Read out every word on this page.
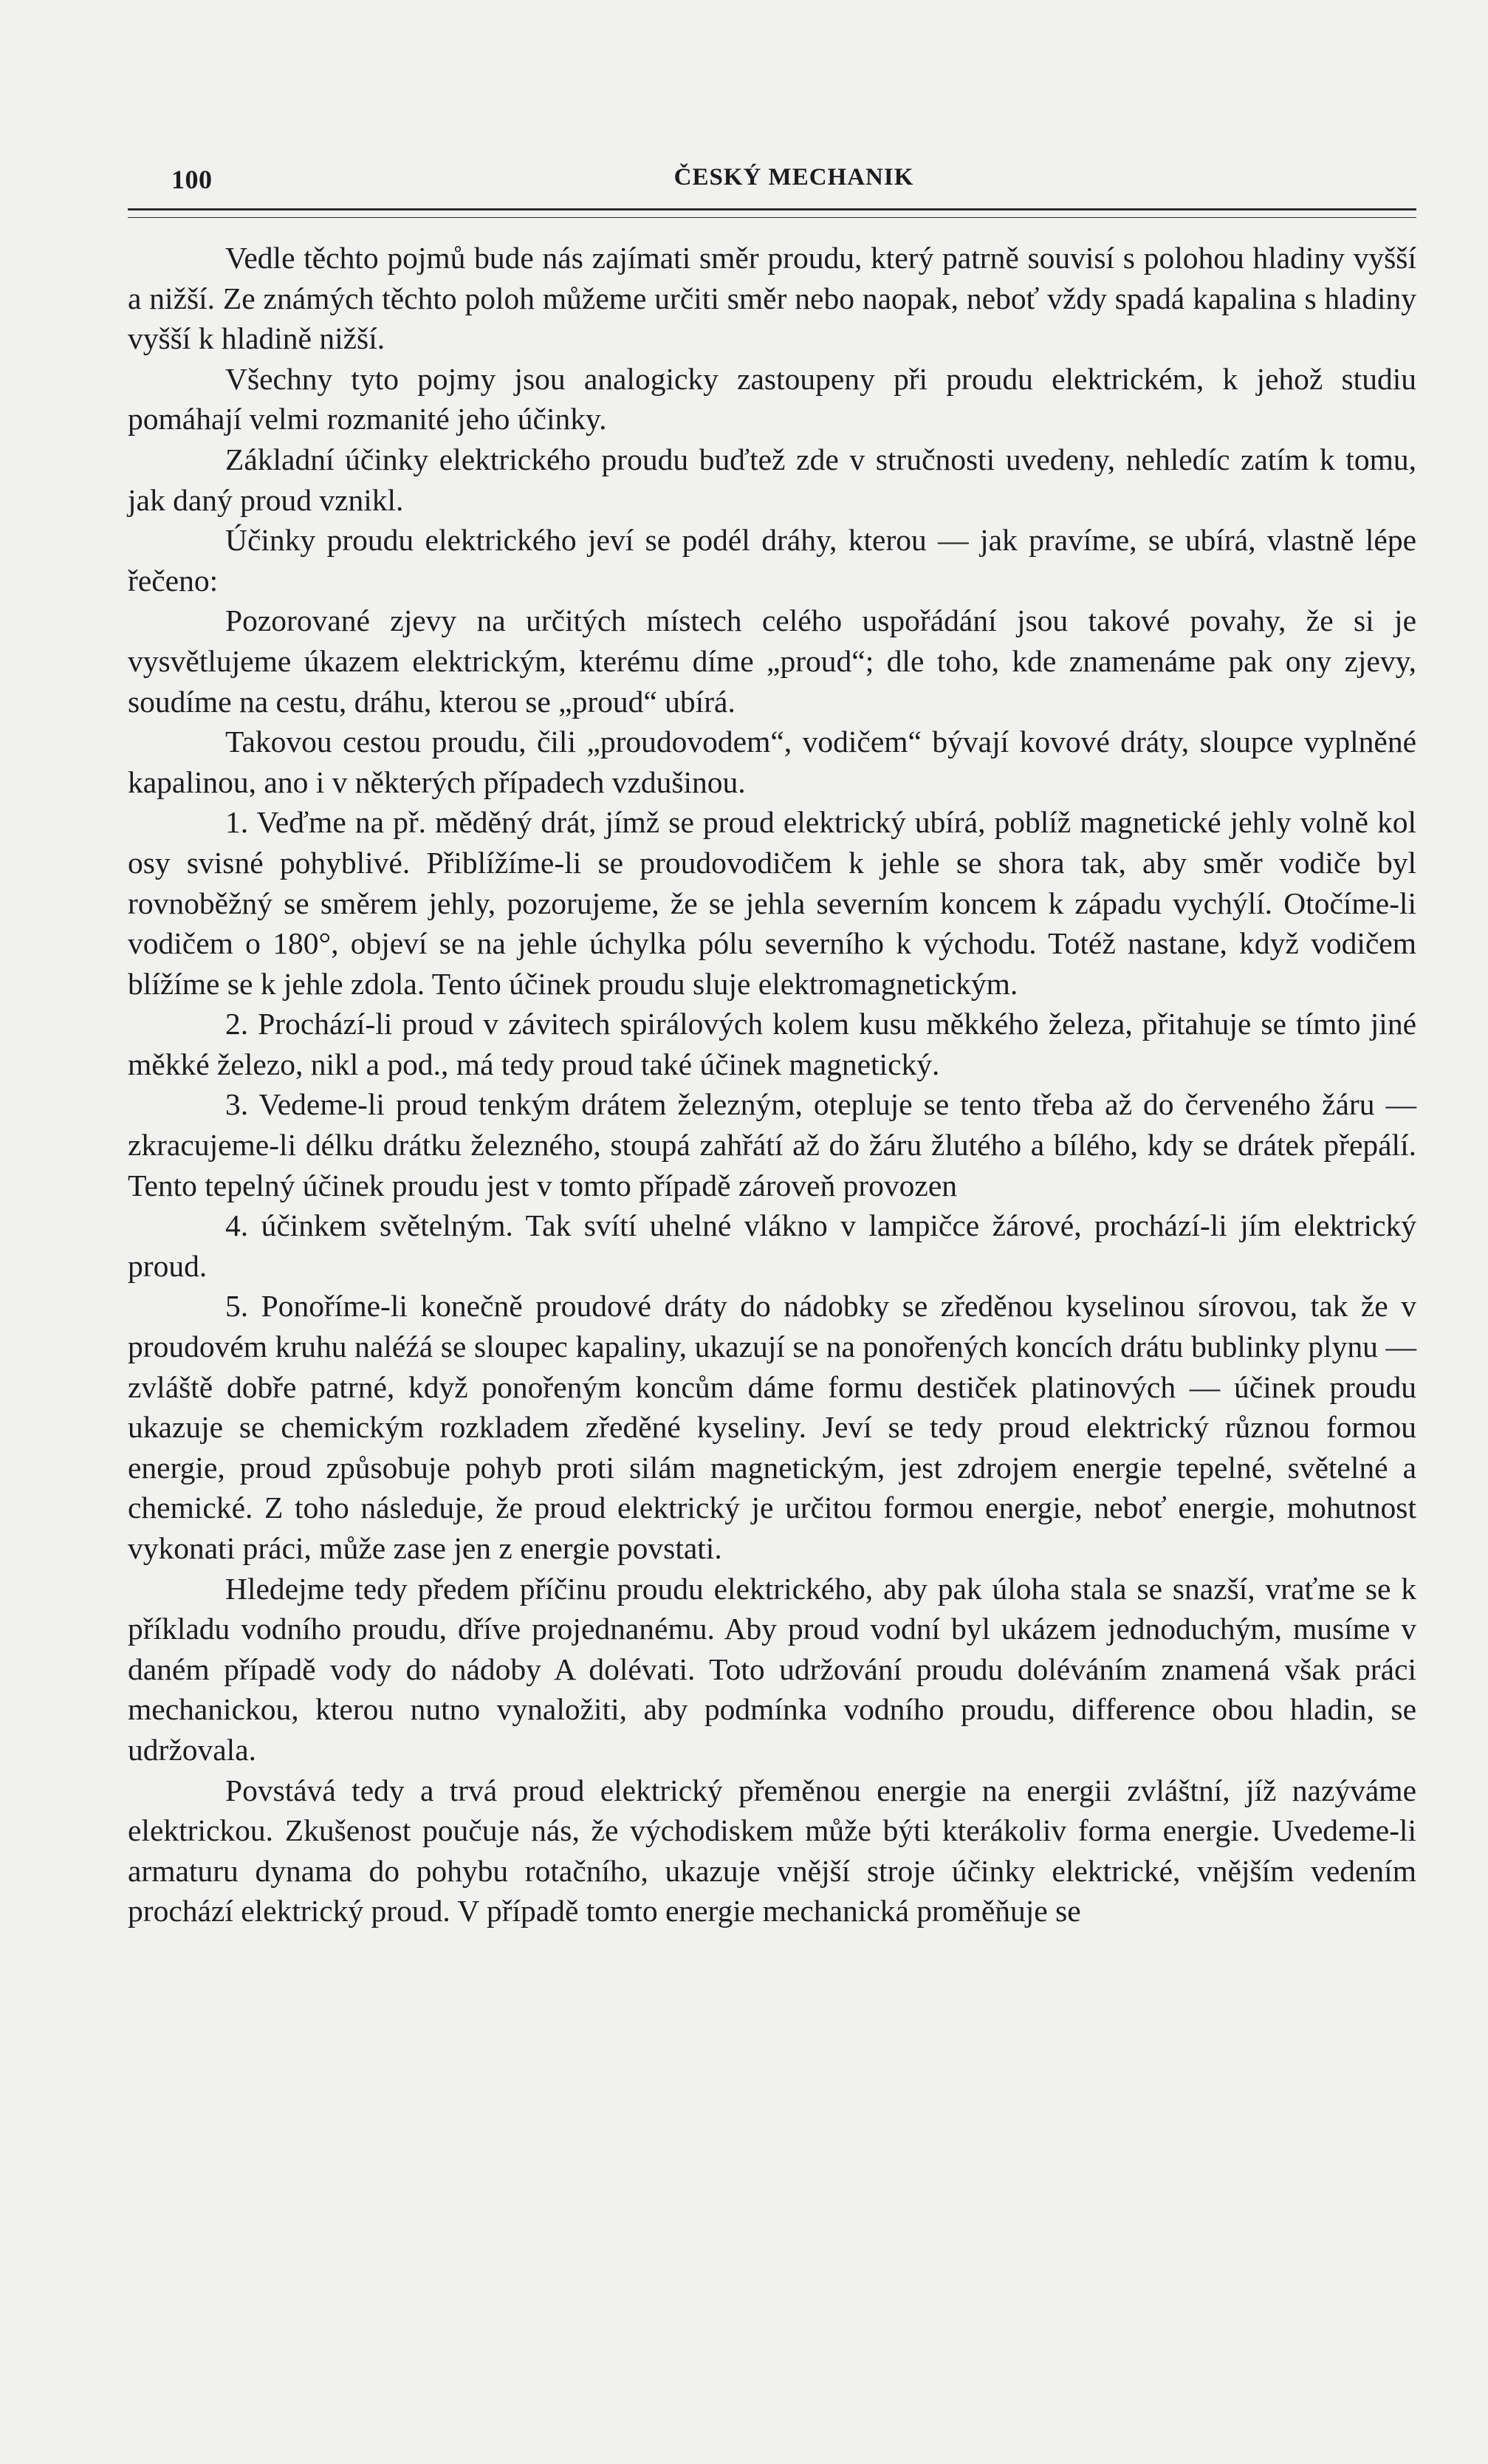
100	ČESKÝ MECHANIK

Vedle těchto pojmů bude nás zajímati směr proudu, který patrně souvisí s polohou hladiny vyšší a nižší. Ze známých těchto poloh můžeme určiti směr nebo naopak, neboť vždy spadá kapalina s hladiny vyšší k hladině nižší.

Všechny tyto pojmy jsou analogicky zastoupeny při proudu elektrickém, k jehož studiu pomáhají velmi rozmanité jeho účinky.

Základní účinky elektrického proudu buďtež zde v stručnosti uvedeny, nehledíc zatím k tomu, jak daný proud vznikl.

Účinky proudu elektrického jeví se podél dráhy, kterou — jak pravíme, se ubírá, vlastně lépe řečeno:

Pozorované zjevy na určitých místech celého uspořádání jsou takové povahy, že si je vysvětlujeme úkazem elektrickým, kterému díme „proud“; dle toho, kde znamenáme pak ony zjevy, soudíme na cestu, dráhu, kterou se „proud“ ubírá.

Takovou cestou proudu, čili „proudovodem“, vodičem“ bývají kovové dráty, sloupce vyplněné kapalinou, ano i v některých případech vzdušinou.

1. Veďme na př. měděný drát, jímž se proud elektrický ubírá, poblíž magnetické jehly volně kol osy svisné pohyblivé. Přiblížíme-li se proudovodičem k jehle se shora tak, aby směr vodiče byl rovnoběžný se směrem jehly, pozorujeme, že se jehla severním koncem k západu vychýlí. Otočíme-li vodičem o 180°, objeví se na jehle úchylka pólu severního k východu. Totéž nastane, když vodičem blížíme se k jehle zdola. Tento účinek proudu sluje elektromagnetickým.

2. Prochází-li proud v závitech spirálových kolem kusu měkkého železa, přitahuje se tímto jiné měkké železo, nikl a pod., má tedy proud také účinek magnetický.

3. Vedeme-li proud tenkým drátem železným, otepluje se tento třeba až do červeného žáru — zkracujeme-li délku drátku železného, stoupá zahřátí až do žáru žlutého a bílého, kdy se drátek přepálí. Tento tepelný účinek proudu jest v tomto případě zároveň provozen

4. účinkem světelným. Tak svítí uhelné vlákno v lampičce žárové, prochází-li jím elektrický proud.

5. Ponoříme-li konečně proudové dráty do nádobky se zředěnou kyselinou sírovou, tak že v proudovém kruhu naléźá se sloupec kapaliny, ukazují se na ponořených koncích drátu bublinky plynu — zvláště dobře patrné, když ponořeným koncům dáme formu destiček platinových — účinek proudu ukazuje se chemickým rozkladem zředěné kyseliny. Jeví se tedy proud elektrický různou formou energie, proud způsobuje pohyb proti silám magnetickým, jest zdrojem energie tepelné, světelné a chemické. Z toho následuje, že proud elektrický je určitou formou energie, neboť energie, mohutnost vykonati práci, může zase jen z energie povstati.

Hledejme tedy předem příčinu proudu elektrického, aby pak úloha stala se snazší, vraťme se k příkladu vodního proudu, dříve projednanému. Aby proud vodní byl ukázem jednoduchým, musíme v daném případě vody do nádoby A dolévati. Toto udržování proudu doléváním znamená však práci mechanickou, kterou nutno vynaložiti, aby podmínka vodního proudu, difference obou hladin, se udržovala.

Povstává tedy a trvá proud elektrický přeměnou energie na energii zvláštní, jíž nazýváme elektrickou. Zkušenost poučuje nás, že východiskem může býti kterákoliv forma energie. Uvedeme-li armaturu dynama do pohybu rotačního, ukazuje vnější stroje účinky elektrické, vnějším vedením prochází elektrický proud. V případě tomto energie mechanická proměňuje se
